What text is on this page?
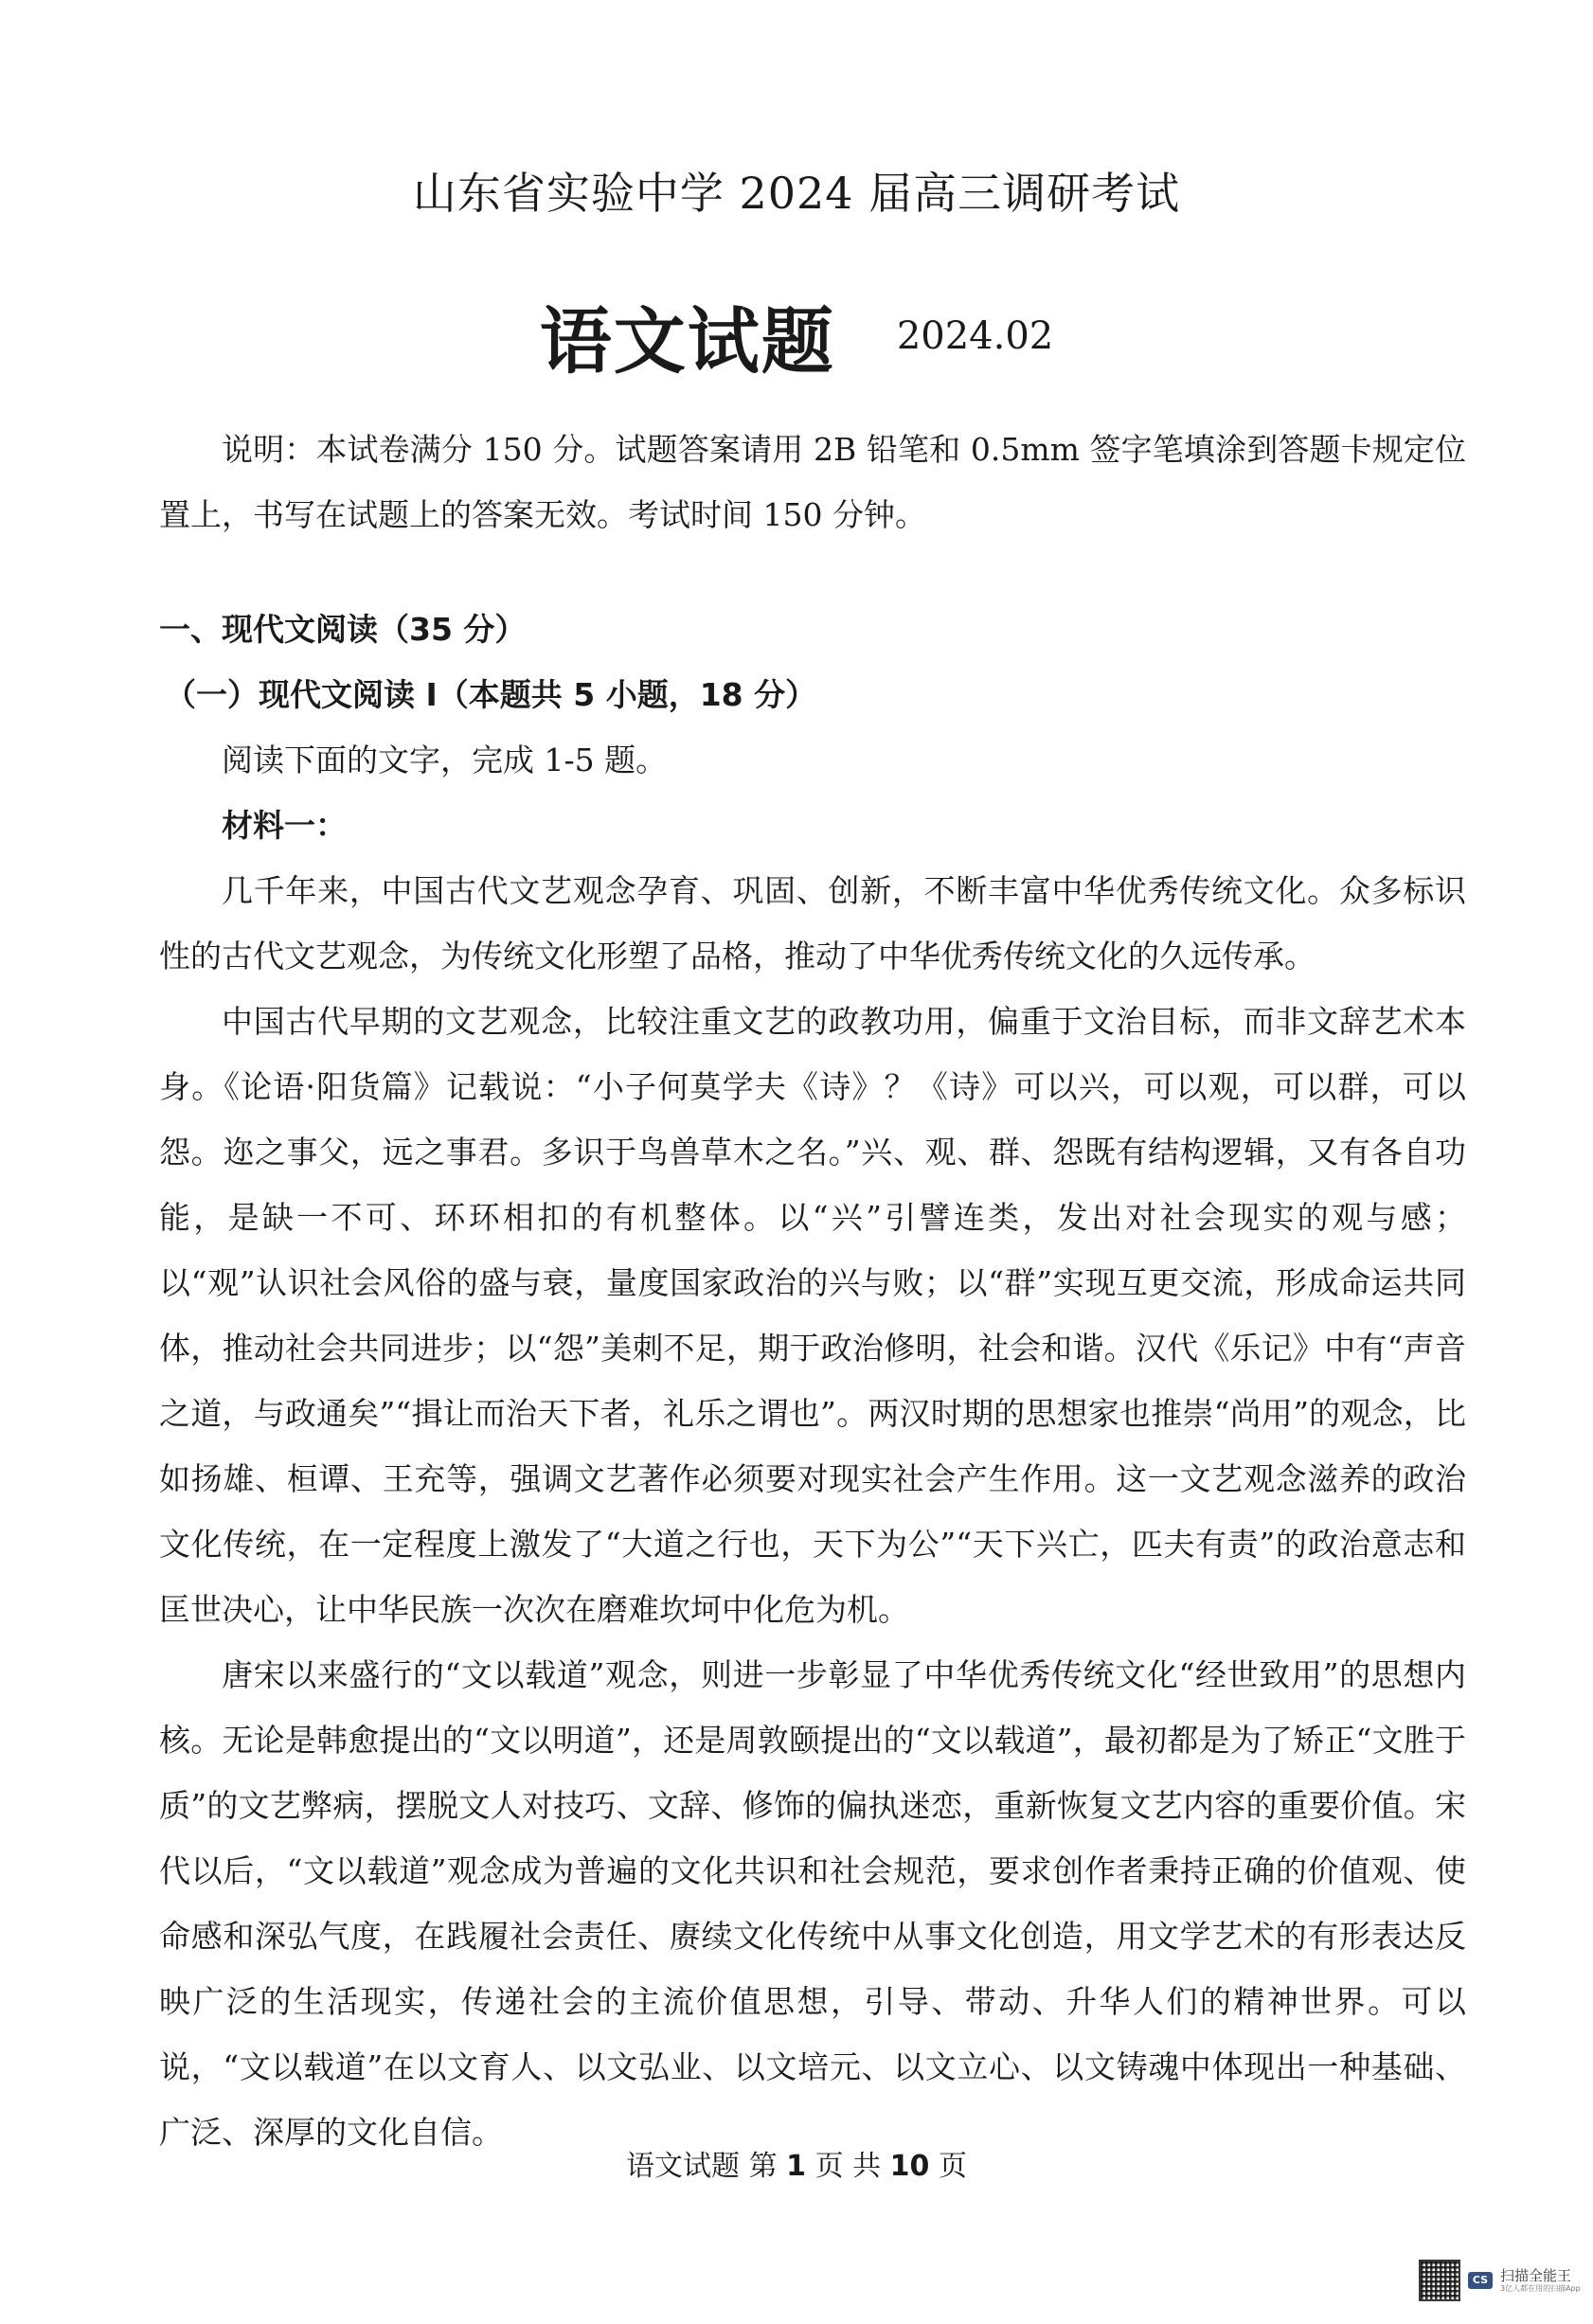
山东省实验中学 2024 届高三调研考试
语文试题 2024.02

说明：本试卷满分 150 分。试题答案请用 2B 铅笔和 0.5mm 签字笔填涂到答题卡规定位置上，书写在试题上的答案无效。考试时间 150 分钟。

一、现代文阅读（35 分）

（一）现代文阅读 I（本题共 5 小题，18 分）

阅读下面的文字，完成 1-5 题。

材料一：

几千年来，中国古代文艺观念孕育、巩固、创新，不断丰富中华优秀传统文化。众多标识性的古代文艺观念，为传统文化形塑了品格，推动了中华优秀传统文化的久远传承。

中国古代早期的文艺观念，比较注重文艺的政教功用，偏重于文治目标，而非文辞艺术本身。《论语·阳货篇》记载说：“小子何莫学夫《诗》？《诗》可以兴，可以观，可以群，可以怨。迩之事父，远之事君。多识于鸟兽草木之名。”兴、观、群、怨既有结构逻辑，又有各自功能，是缺一不可、环环相扣的有机整体。以“兴”引譬连类，发出对社会现实的观与感；以“观”认识社会风俗的盛与衰，量度国家政治的兴与败；以“群”实现互更交流，形成命运共同体，推动社会共同进步；以“怨”美刺不足，期于政治修明，社会和谐。汉代《乐记》中有“声音之道，与政通矣”“揖让而治天下者，礼乐之谓也”。两汉时期的思想家也推崇“尚用”的观念，比如扬雄、桓谭、王充等，强调文艺著作必须要对现实社会产生作用。这一文艺观念滋养的政治文化传统，在一定程度上激发了“大道之行也，天下为公”“天下兴亡，匹夫有责”的政治意志和匡世决心，让中华民族一次次在磨难坎坷中化危为机。

唐宋以来盛行的“文以载道”观念，则进一步彰显了中华优秀传统文化“经世致用”的思想内核。无论是韩愈提出的“文以明道”，还是周敦颐提出的“文以载道”，最初都是为了矫正“文胜于质”的文艺弊病，摆脱文人对技巧、文辞、修饰的偏执迷恋，重新恢复文艺内容的重要价值。宋代以后，“文以载道”观念成为普遍的文化共识和社会规范，要求创作者秉持正确的价值观、使命感和深弘气度，在践履社会责任、赓续文化传统中从事文化创造，用文学艺术的有形表达反映广泛的生活现实，传递社会的主流价值思想，引导、带动、升华人们的精神世界。可以说，“文以载道”在以文育人、以文弘业、以文培元、以文立心、以文铸魂中体现出一种基础、广泛、深厚的文化自信。

语文试题 第 1 页 共 10 页
CS 扫描全能王
3亿人都在用的扫描App
